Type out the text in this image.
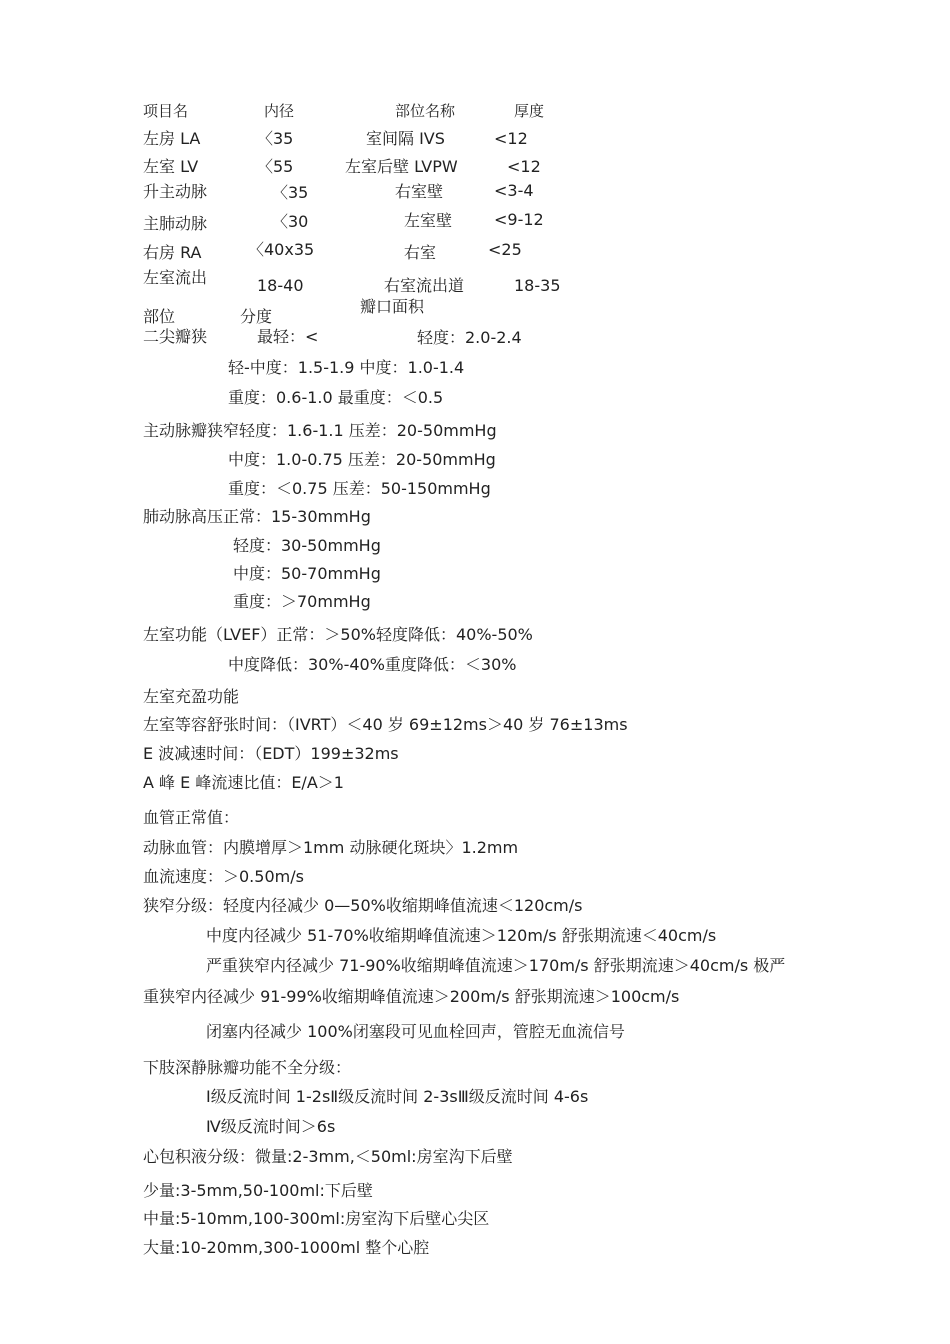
项目名	内径	部位名称	厚度
左房 LA	〈35	室间隔 IVS	<12
左室 LV	〈55	左室后壁 LVPW	<12
升主动脉	〈35	右室壁	<3-4
主肺动脉	〈30	左室壁	<9-12
右房 RA	〈40x35	右室	<25
左室流出	18-40	右室流出道	18-35
部位	分度
瓣口面积
二尖瓣狭	最轻：<	轻度：2.0-2.4
轻-中度：1.5-1.9 中度：1.0-1.4
重度：0.6-1.0 最重度：＜0.5
主动脉瓣狭窄轻度：1.6-1.1 压差：20-50mmHg
中度：1.0-0.75 压差：20-50mmHg
重度：＜0.75 压差：50-150mmHg
肺动脉高压正常：15-30mmHg
轻度：30-50mmHg
中度：50-70mmHg
重度：＞70mmHg
左室功能（LVEF）正常：＞50%轻度降低：40%-50%
中度降低：30%-40%重度降低：＜30%
左室充盈功能
左室等容舒张时间：（IVRT）＜40 岁 69±12ms＞40 岁 76±13ms
E 波减速时间：（EDT）199±32ms
A 峰 E 峰流速比值：E/A＞1
血管正常值：
动脉血管：内膜增厚＞1mm 动脉硬化斑块〉1.2mm
血流速度：＞0.50m/s
狭窄分级：轻度内径减少 0—50%收缩期峰值流速＜120cm/s
中度内径减少 51-70%收缩期峰值流速＞120m/s 舒张期流速＜40cm/s
严重狭窄内径减少 71-90%收缩期峰值流速＞170m/s 舒张期流速＞40cm/s 极严
重狭窄内径减少 91-99%收缩期峰值流速＞200m/s 舒张期流速＞100cm/s
闭塞内径减少 100%闭塞段可见血栓回声，管腔无血流信号
下肢深静脉瓣功能不全分级：
Ⅰ级反流时间 1-2sⅡ级反流时间 2-3sⅢ级反流时间 4-6s
Ⅳ级反流时间＞6s
心包积液分级：微量:2-3mm,＜50ml:房室沟下后壁
少量:3-5mm,50-100ml:下后壁
中量:5-10mm,100-300ml:房室沟下后壁心尖区
大量:10-20mm,300-1000ml 整个心腔
